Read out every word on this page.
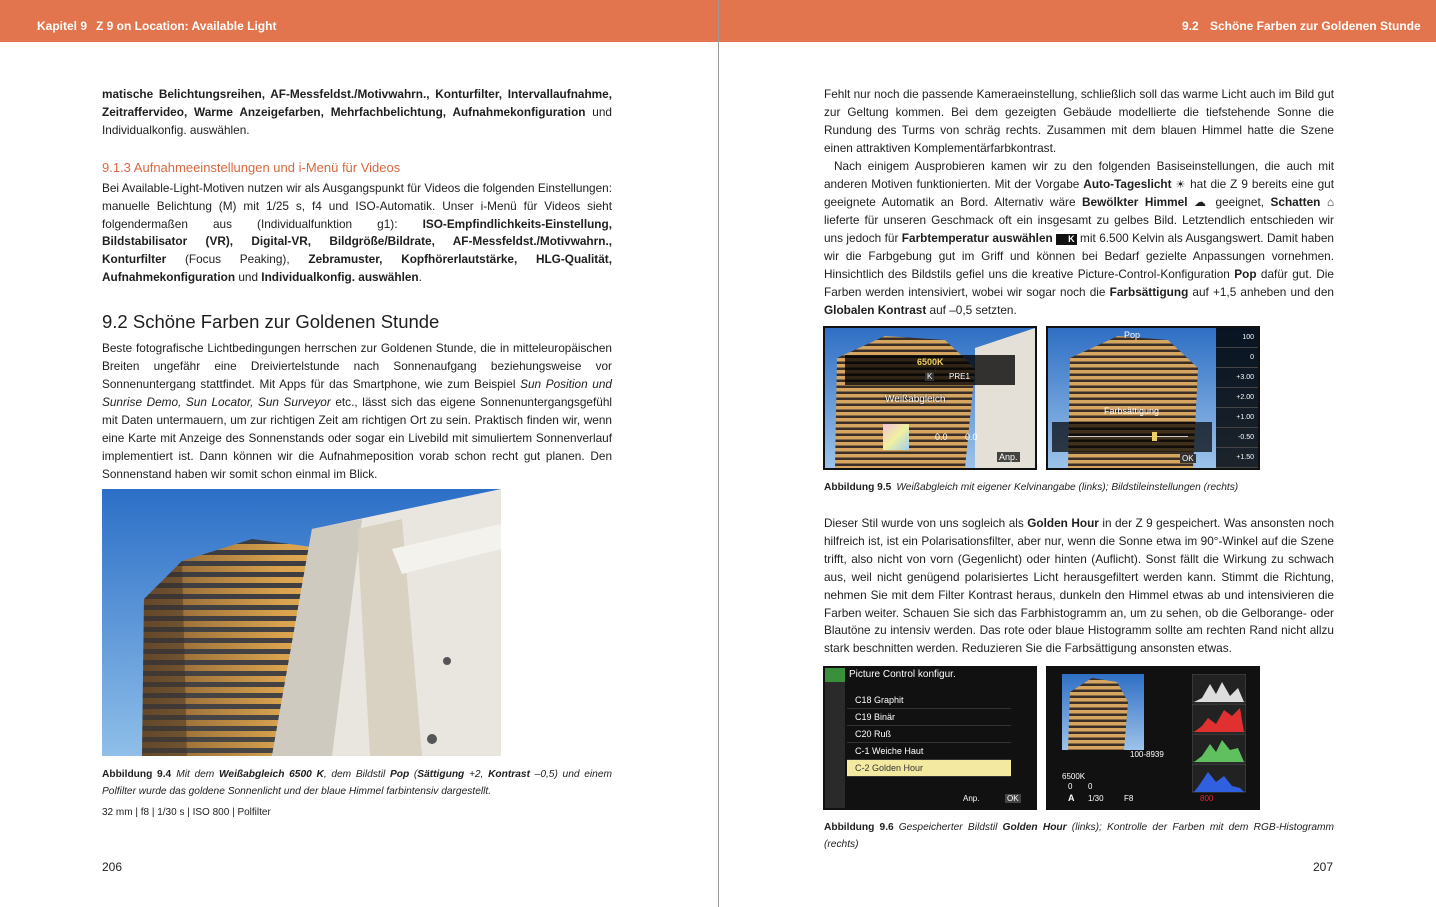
Kapitel 9 Z 9 on Location: Available Light

matische Belichtungsreihen, AF-Messfeldst./Motivwahrn., Konturfilter, Intervallaufnahme, Zeitraffervideo, Warme Anzeigefarben, Mehrfachbelichtung, Aufnahmekonfiguration und Individualkonfig. auswählen.

9.1.3 Aufnahmeeinstellungen und i-Menü für Videos

Bei Available-Light-Motiven nutzen wir als Ausgangspunkt für Videos die folgenden Einstellungen: manuelle Belichtung (M) mit 1/25 s, f4 und ISO-Automatik. Unser i-Menü für Videos sieht folgendermaßen aus (Individualfunktion g1): ISO-Empfindlichkeits-Einstellung, Bildstabilisator (VR), Digital-VR, Bildgröße/Bildrate, AF-Messfeldst./Motivwahrn., Konturfilter (Focus Peaking), Zebramuster, Kopfhörerlautstärke, HLG-Qualität, Aufnahmekonfiguration und Individualkonfig. auswählen.

9.2 Schöne Farben zur Goldenen Stunde

Beste fotografische Lichtbedingungen herrschen zur Goldenen Stunde, die in mitteleuropäischen Breiten ungefähr eine Dreiviertelstunde nach Sonnenaufgang beziehungsweise vor Sonnenuntergang stattfindet. Mit Apps für das Smartphone, wie zum Beispiel Sun Position und Sunrise Demo, Sun Locator, Sun Surveyor etc., lässt sich das eigene Sonnenuntergangsgefühl mit Daten untermauern, um zur richtigen Zeit am richtigen Ort zu sein. Praktisch finden wir, wenn eine Karte mit Anzeige des Sonnenstands oder sogar ein Livebild mit simuliertem Sonnenverlauf implementiert ist. Dann können wir die Aufnahmeposition vorab schon recht gut planen. Den Sonnenstand haben wir somit schon einmal im Blick.

Abbildung 9.4 Mit dem Weißabgleich 6500 K, dem Bildstil Pop (Sättigung +2, Kontrast –0,5) und einem Polfilter wurde das goldene Sonnenlicht und der blaue Himmel farbintensiv dargestellt.

32 mm | f8 | 1/30 s | ISO 800 | Polfilter
206
9.2 Schöne Farben zur Goldenen Stunde

Fehlt nur noch die passende Kameraeinstellung, schließlich soll das warme Licht auch im Bild gut zur Geltung kommen. Bei dem gezeigten Gebäude modellierte die tiefstehende Sonne die Rundung des Turms von schräg rechts. Zusammen mit dem blauen Himmel hatte die Szene einen attraktiven Komplementärfarbkontrast.

Nach einigem Ausprobieren kamen wir zu den folgenden Basiseinstellungen, die auch mit anderen Motiven funktionierten. Mit der Vorgabe Auto-Tageslicht ☀ hat die Z 9 bereits eine gut geeignete Automatik an Bord. Alternativ wäre Bewölkter Himmel ☁ geeignet, Schatten ⌂ lieferte für unseren Geschmack oft ein insgesamt zu gelbes Bild. Letztendlich entschieden wir uns jedoch für Farbtemperatur auswählen K mit 6.500 Kelvin als Ausgangswert. Damit haben wir die Farbgebung gut im Griff und können bei Bedarf gezielte Anpassungen vornehmen. Hinsichtlich des Bildstils gefiel uns die kreative Picture-Control-Konfiguration Pop dafür gut. Die Farben werden intensiviert, wobei wir sogar noch die Farbsättigung auf +1,5 anheben und den Globalen Kontrast auf –0,5 setzten.

6500K
K PRE1
Weißabgleich
0.0 0.0
Anp.
Pop	100
0
+3.00
+2.00
+1.00
-0.50
+1.50
Farbsättigung
OK

Abbildung 9.5 Weißabgleich mit eigener Kelvinangabe (links); Bildstileinstellungen (rechts)

Dieser Stil wurde von uns sogleich als Golden Hour in der Z 9 gespeichert. Was ansonsten noch hilfreich ist, ist ein Polarisationsfilter, aber nur, wenn die Sonne etwa im 90°-Winkel auf die Szene trifft, also nicht von vorn (Gegenlicht) oder hinten (Auflicht). Sonst fällt die Wirkung zu schwach aus, weil nicht genügend polarisiertes Licht herausgefiltert werden kann. Stimmt die Richtung, nehmen Sie mit dem Filter Kontrast heraus, dunkeln den Himmel etwas ab und intensivieren die Farben weiter. Schauen Sie sich das Farbhistogramm an, um zu sehen, ob die Gelborange- oder Blautöne zu intensiv werden. Das rote oder blaue Histogramm sollte am rechten Rand nicht allzu stark beschnitten werden. Reduzieren Sie die Farbsättigung ansonsten etwas.

Picture Control konfigur.
C18 Graphit
C19 Binär
C20 Ruß
C-1 Weiche Haut
C-2 Golden Hour
Anp.	OK
100-8939
6500K
0 0
A 1/30	F8	800

Abbildung 9.6 Gespeicherter Bildstil Golden Hour (links); Kontrolle der Farben mit dem RGB-Histogramm (rechts)

207
